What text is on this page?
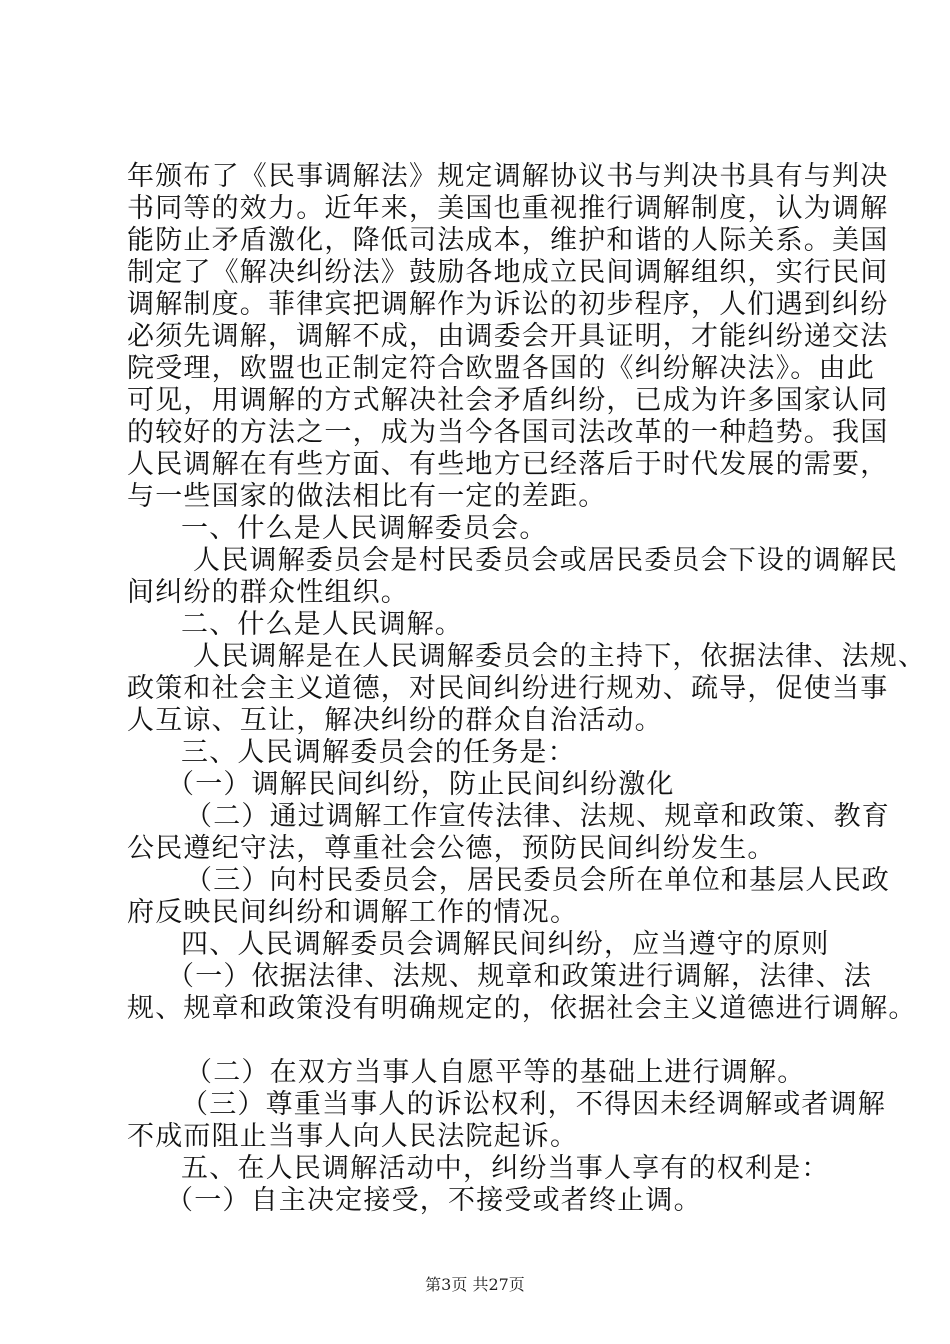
年颁布了《民事调解法》规定调解协议书与判决书具有与判决
书同等的效力。近年来，美国也重视推行调解制度，认为调解
能防止矛盾激化，降低司法成本，维护和谐的人际关系。美国
制定了《解决纠纷法》鼓励各地成立民间调解组织，实行民间
调解制度。菲律宾把调解作为诉讼的初步程序，人们遇到纠纷
必须先调解，调解不成，由调委会开具证明，才能纠纷递交法
院受理，欧盟也正制定符合欧盟各国的《纠纷解决法》。由此
可见，用调解的方式解决社会矛盾纠纷，已成为许多国家认同
的较好的方法之一，成为当今各国司法改革的一种趋势。我国
人民调解在有些方面、有些地方已经落后于时代发展的需要，
与一些国家的做法相比有一定的差距。
一、什么是人民调解委员会。
人民调解委员会是村民委员会或居民委员会下设的调解民
间纠纷的群众性组织。
二、什么是人民调解。
人民调解是在人民调解委员会的主持下，依据法律、法规、
政策和社会主义道德，对民间纠纷进行规劝、疏导，促使当事
人互谅、互让，解决纠纷的群众自治活动。
三、人民调解委员会的任务是：
（一）调解民间纠纷，防止民间纠纷激化
（二）通过调解工作宣传法律、法规、规章和政策、教育
公民遵纪守法，尊重社会公德，预防民间纠纷发生。
（三）向村民委员会，居民委员会所在单位和基层人民政
府反映民间纠纷和调解工作的情况。
四、人民调解委员会调解民间纠纷，应当遵守的原则
（一）依据法律、法规、规章和政策进行调解，法律、法
规、规章和政策没有明确规定的，依据社会主义道德进行调解。
（二）在双方当事人自愿平等的基础上进行调解。
（三）尊重当事人的诉讼权利，不得因未经调解或者调解
不成而阻止当事人向人民法院起诉。
五、在人民调解活动中，纠纷当事人享有的权利是：
（一）自主决定接受，不接受或者终止调。
第3页 共27页
